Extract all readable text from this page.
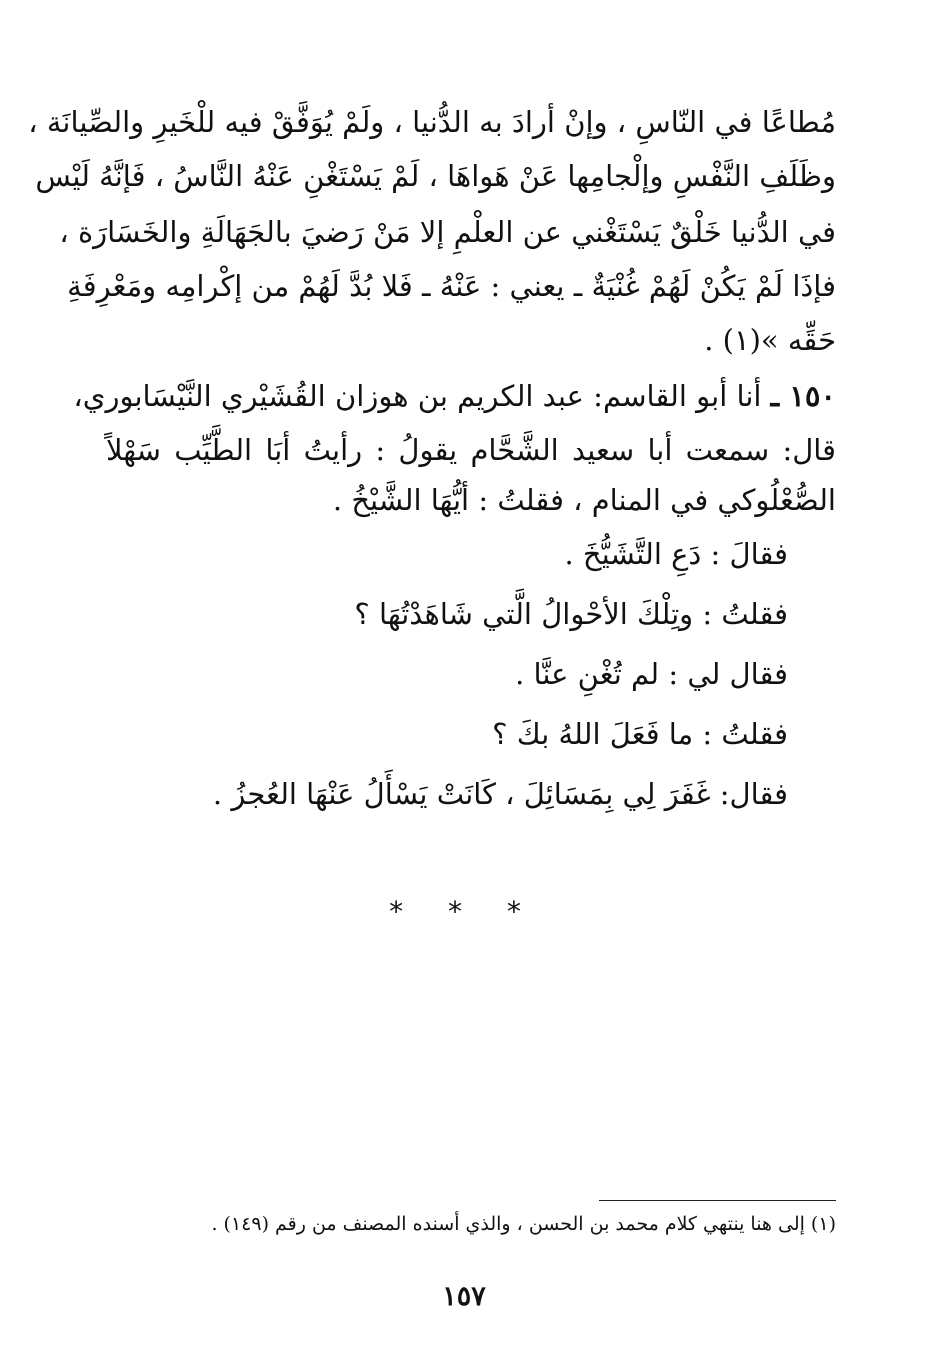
مُطاعًا في النّاسِ ، وإنْ أرادَ به الدُّنيا ، ولَمْ يُوَفَّقْ فيه للْخَيرِ والصِّيانَة ،
وظَلَفِ النَّفْسِ وإلْجامِها عَنْ هَواهَا ، لَمْ يَسْتَغْنِ عَنْهُ النَّاسُ ، فَإنَّهُ لَيْس
في الدُّنيا خَلْقٌ يَسْتَغْني عن العلْمِ إلا مَنْ رَضيَ بالجَهَالَةِ والخَسَارَة ،
فإذَا لَمْ يَكُنْ لَهُمْ غُنْيَةٌ ـ يعني : عَنْهُ ـ فَلا بُدَّ لَهُمْ من إكْرامِه ومَعْرِفَةِ
حَقِّه »(١) .
١٥٠ ـ أنا أبو القاسم: عبد الكريم بن هوزان القُشَيْري النَّيْسَابوري،
قال: سمعت أبا سعيد الشَّحَّام يقولُ : رأيتُ أبَا الطَّيِّب سَهْلاً
الصُّعْلُوكي في المنام ، فقلتُ : أيُّهَا الشَّيْخُ .
فقالَ : دَعِ التَّشَيُّخَ .
فقلتُ : وتِلْكَ الأحْوالُ الَّتي شَاهَدْتُهَا ؟
فقال لي : لم تُغْنِ عنَّا .
فقلتُ : ما فَعَلَ اللهُ بكَ ؟
فقال: غَفَرَ لِي بِمَسَائِلَ ، كَانَتْ يَسْأَلُ عَنْهَا العُجزُ .
* * *
(١) إلى هنا ينتهي كلام محمد بن الحسن ، والذي أسنده المصنف من رقم (١٤٩) .
١٥٧
